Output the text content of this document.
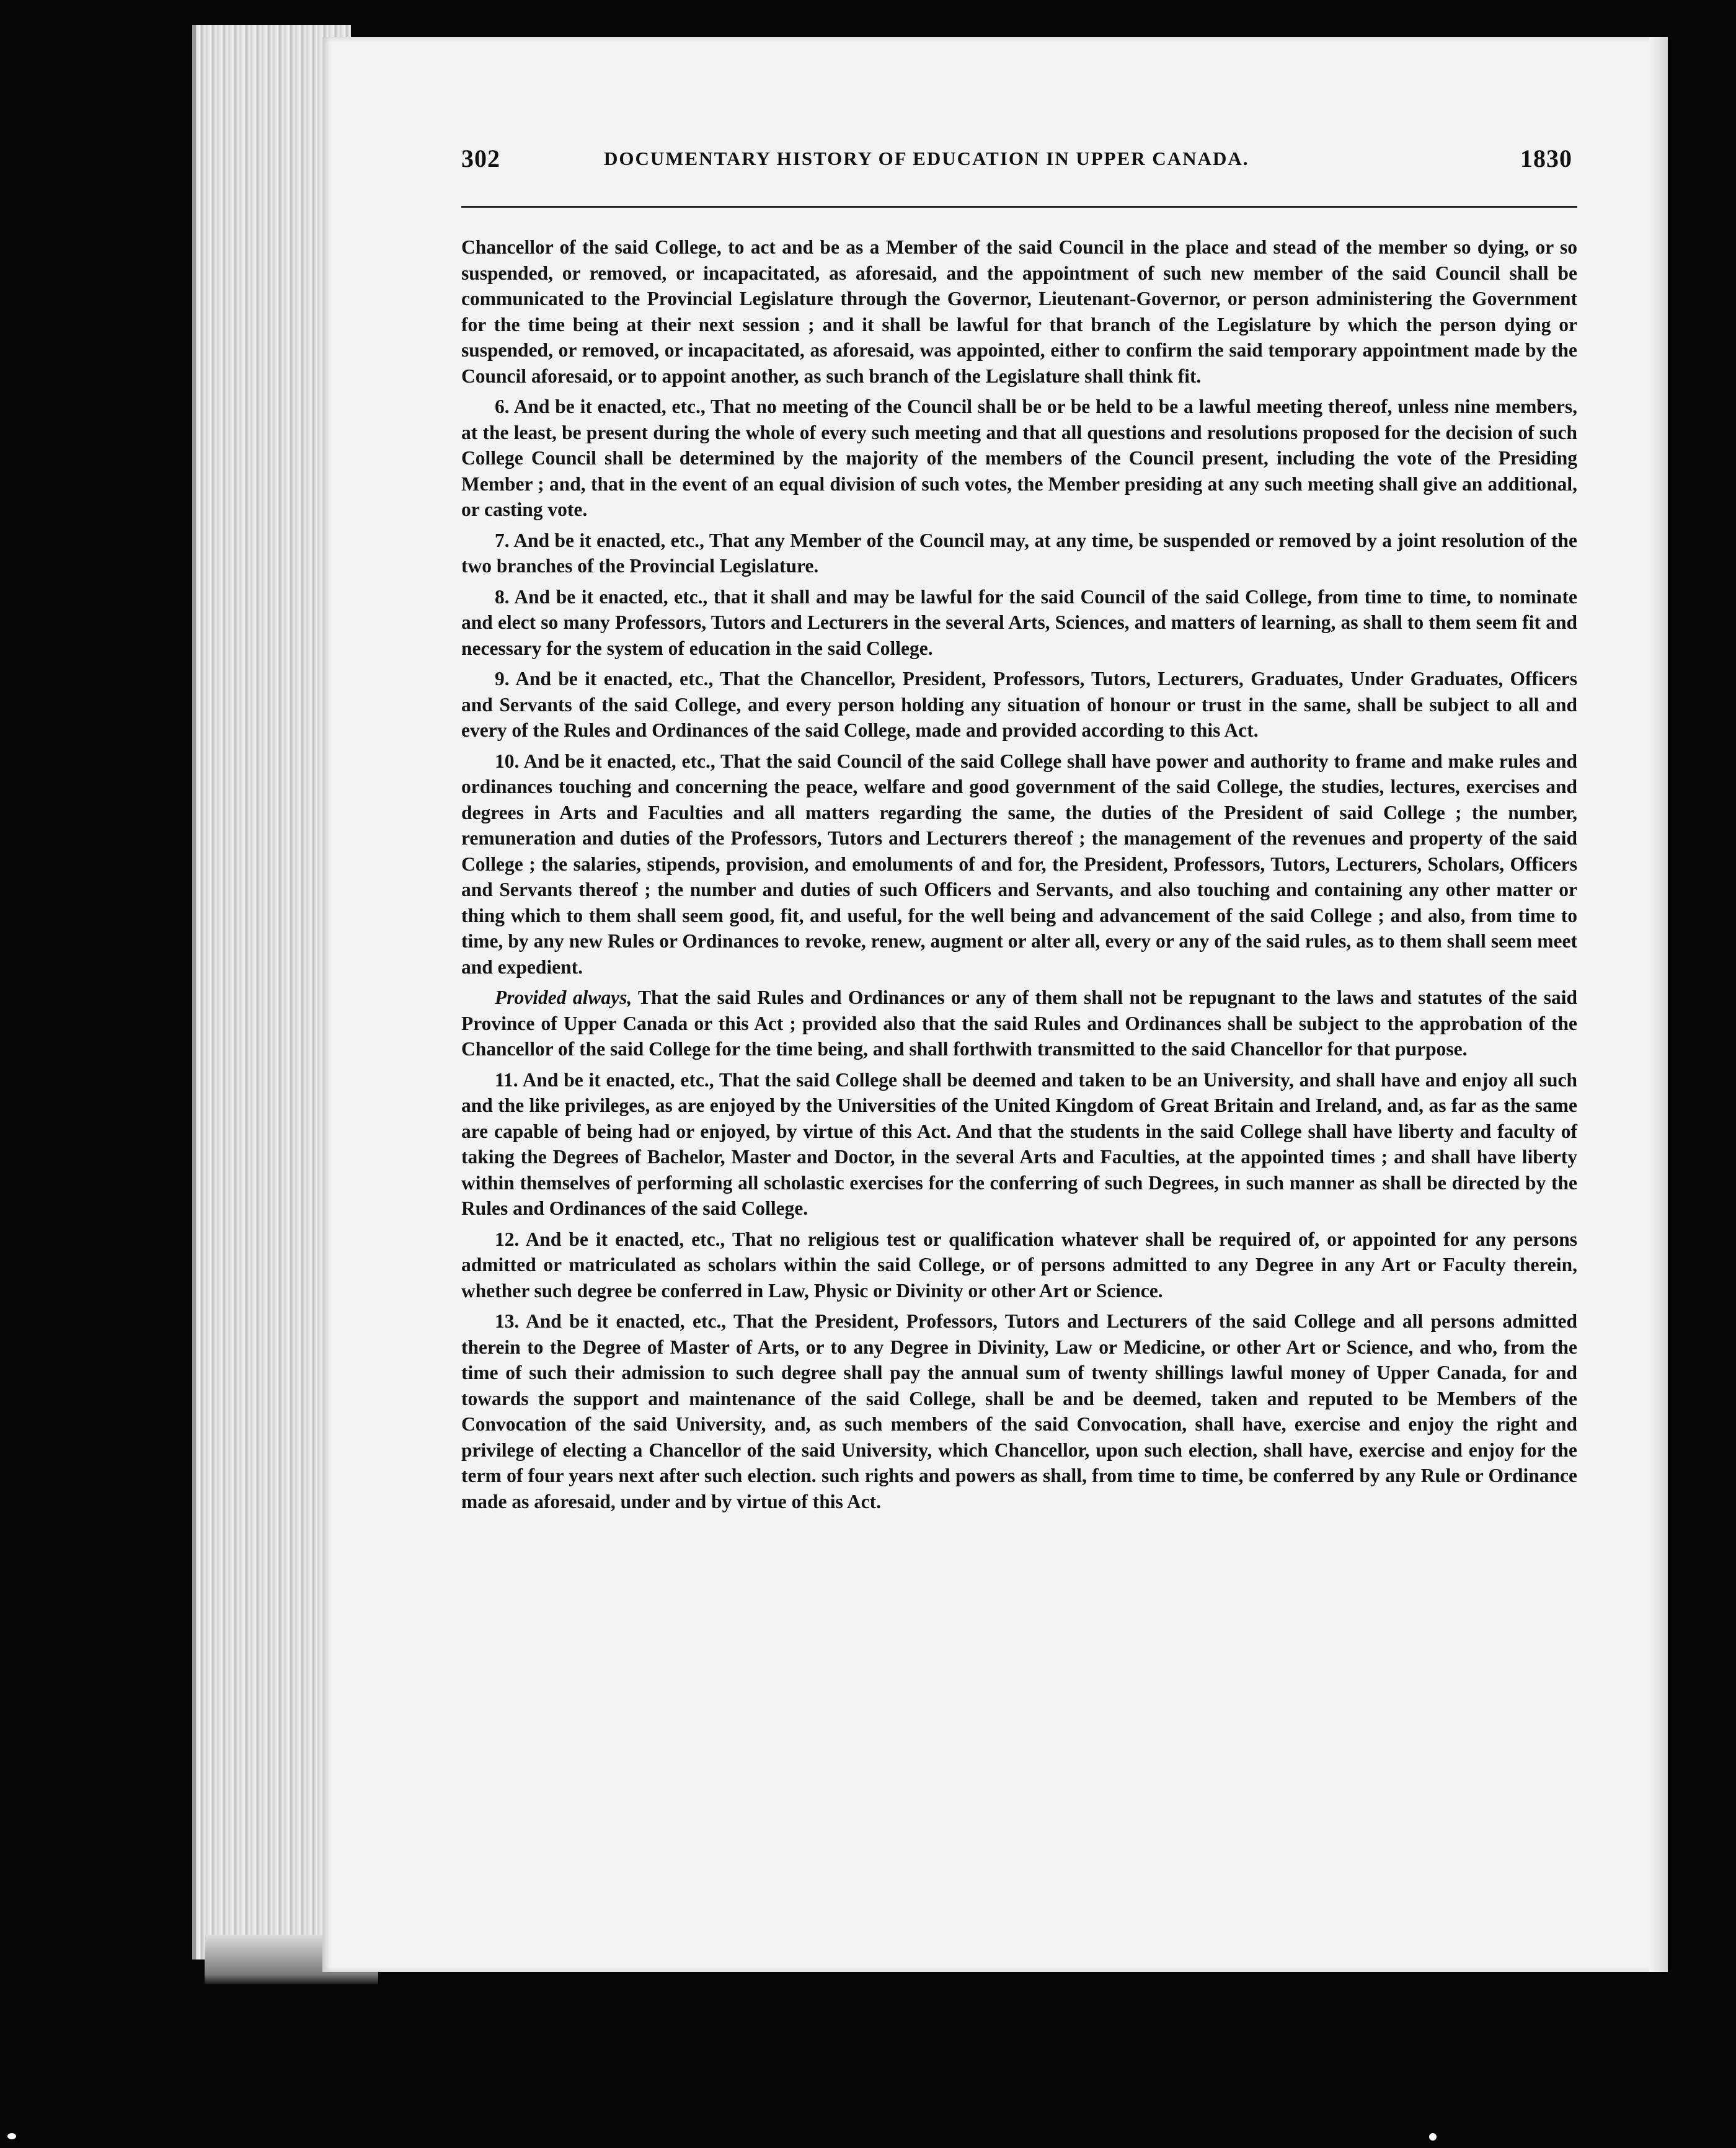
302	DOCUMENTARY HISTORY OF EDUCATION IN UPPER CANADA.	1830

Chancellor of the said College, to act and be as a Member of the said Council in the place and stead of the member so dying, or so suspended, or removed, or incapacitated, as aforesaid, and the appointment of such new member of the said Council shall be communicated to the Provincial Legislature through the Governor, Lieutenant-Governor, or person administering the Government for the time being at their next session ; and it shall be lawful for that branch of the Legislature by which the person dying or suspended, or removed, or incapacitated, as aforesaid, was appointed, either to confirm the said temporary appointment made by the Council aforesaid, or to appoint another, as such branch of the Legislature shall think fit.

6. And be it enacted, etc., That no meeting of the Council shall be or be held to be a lawful meeting thereof, unless nine members, at the least, be present during the whole of every such meeting and that all questions and resolutions proposed for the decision of such College Council shall be determined by the majority of the members of the Council present, including the vote of the Presiding Member ; and, that in the event of an equal division of such votes, the Member presiding at any such meeting shall give an additional, or casting vote.

7. And be it enacted, etc., That any Member of the Council may, at any time, be suspended or removed by a joint resolution of the two branches of the Provincial Legislature.

8. And be it enacted, etc., that it shall and may be lawful for the said Council of the said College, from time to time, to nominate and elect so many Professors, Tutors and Lecturers in the several Arts, Sciences, and matters of learning, as shall to them seem fit and necessary for the system of education in the said College.

9. And be it enacted, etc., That the Chancellor, President, Professors, Tutors, Lecturers, Graduates, Under Graduates, Officers and Servants of the said College, and every person holding any situation of honour or trust in the same, shall be subject to all and every of the Rules and Ordinances of the said College, made and provided according to this Act.

10. And be it enacted, etc., That the said Council of the said College shall have power and authority to frame and make rules and ordinances touching and concerning the peace, welfare and good government of the said College, the studies, lectures, exercises and degrees in Arts and Faculties and all matters regarding the same, the duties of the President of said College ; the number, remuneration and duties of the Professors, Tutors and Lecturers thereof ; the management of the revenues and property of the said College ; the salaries, stipends, provision, and emoluments of and for, the President, Professors, Tutors, Lecturers, Scholars, Officers and Servants thereof ; the number and duties of such Officers and Servants, and also touching and containing any other matter or thing which to them shall seem good, fit, and useful, for the well being and advancement of the said College ; and also, from time to time, by any new Rules or Ordinances to revoke, renew, augment or alter all, every or any of the said rules, as to them shall seem meet and expedient.

Provided always, That the said Rules and Ordinances or any of them shall not be repugnant to the laws and statutes of the said Province of Upper Canada or this Act ; provided also that the said Rules and Ordinances shall be subject to the approbation of the Chancellor of the said College for the time being, and shall forthwith transmitted to the said Chancellor for that purpose.

11. And be it enacted, etc., That the said College shall be deemed and taken to be an University, and shall have and enjoy all such and the like privileges, as are enjoyed by the Universities of the United Kingdom of Great Britain and Ireland, and, as far as the same are capable of being had or enjoyed, by virtue of this Act. And that the students in the said College shall have liberty and faculty of taking the Degrees of Bachelor, Master and Doctor, in the several Arts and Faculties, at the appointed times ; and shall have liberty within themselves of performing all scholastic exercises for the conferring of such Degrees, in such manner as shall be directed by the Rules and Ordinances of the said College.

12. And be it enacted, etc., That no religious test or qualification whatever shall be required of, or appointed for any persons admitted or matriculated as scholars within the said College, or of persons admitted to any Degree in any Art or Faculty therein, whether such degree be conferred in Law, Physic or Divinity or other Art or Science.

13. And be it enacted, etc., That the President, Professors, Tutors and Lecturers of the said College and all persons admitted therein to the Degree of Master of Arts, or to any Degree in Divinity, Law or Medicine, or other Art or Science, and who, from the time of such their admission to such degree shall pay the annual sum of twenty shillings lawful money of Upper Canada, for and towards the support and maintenance of the said College, shall be and be deemed, taken and reputed to be Members of the Convocation of the said University, and, as such members of the said Convocation, shall have, exercise and enjoy the right and privilege of electing a Chancellor of the said University, which Chancellor, upon such election, shall have, exercise and enjoy for the term of four years next after such election. such rights and powers as shall, from time to time, be conferred by any Rule or Ordinance made as aforesaid, under and by virtue of this Act.
